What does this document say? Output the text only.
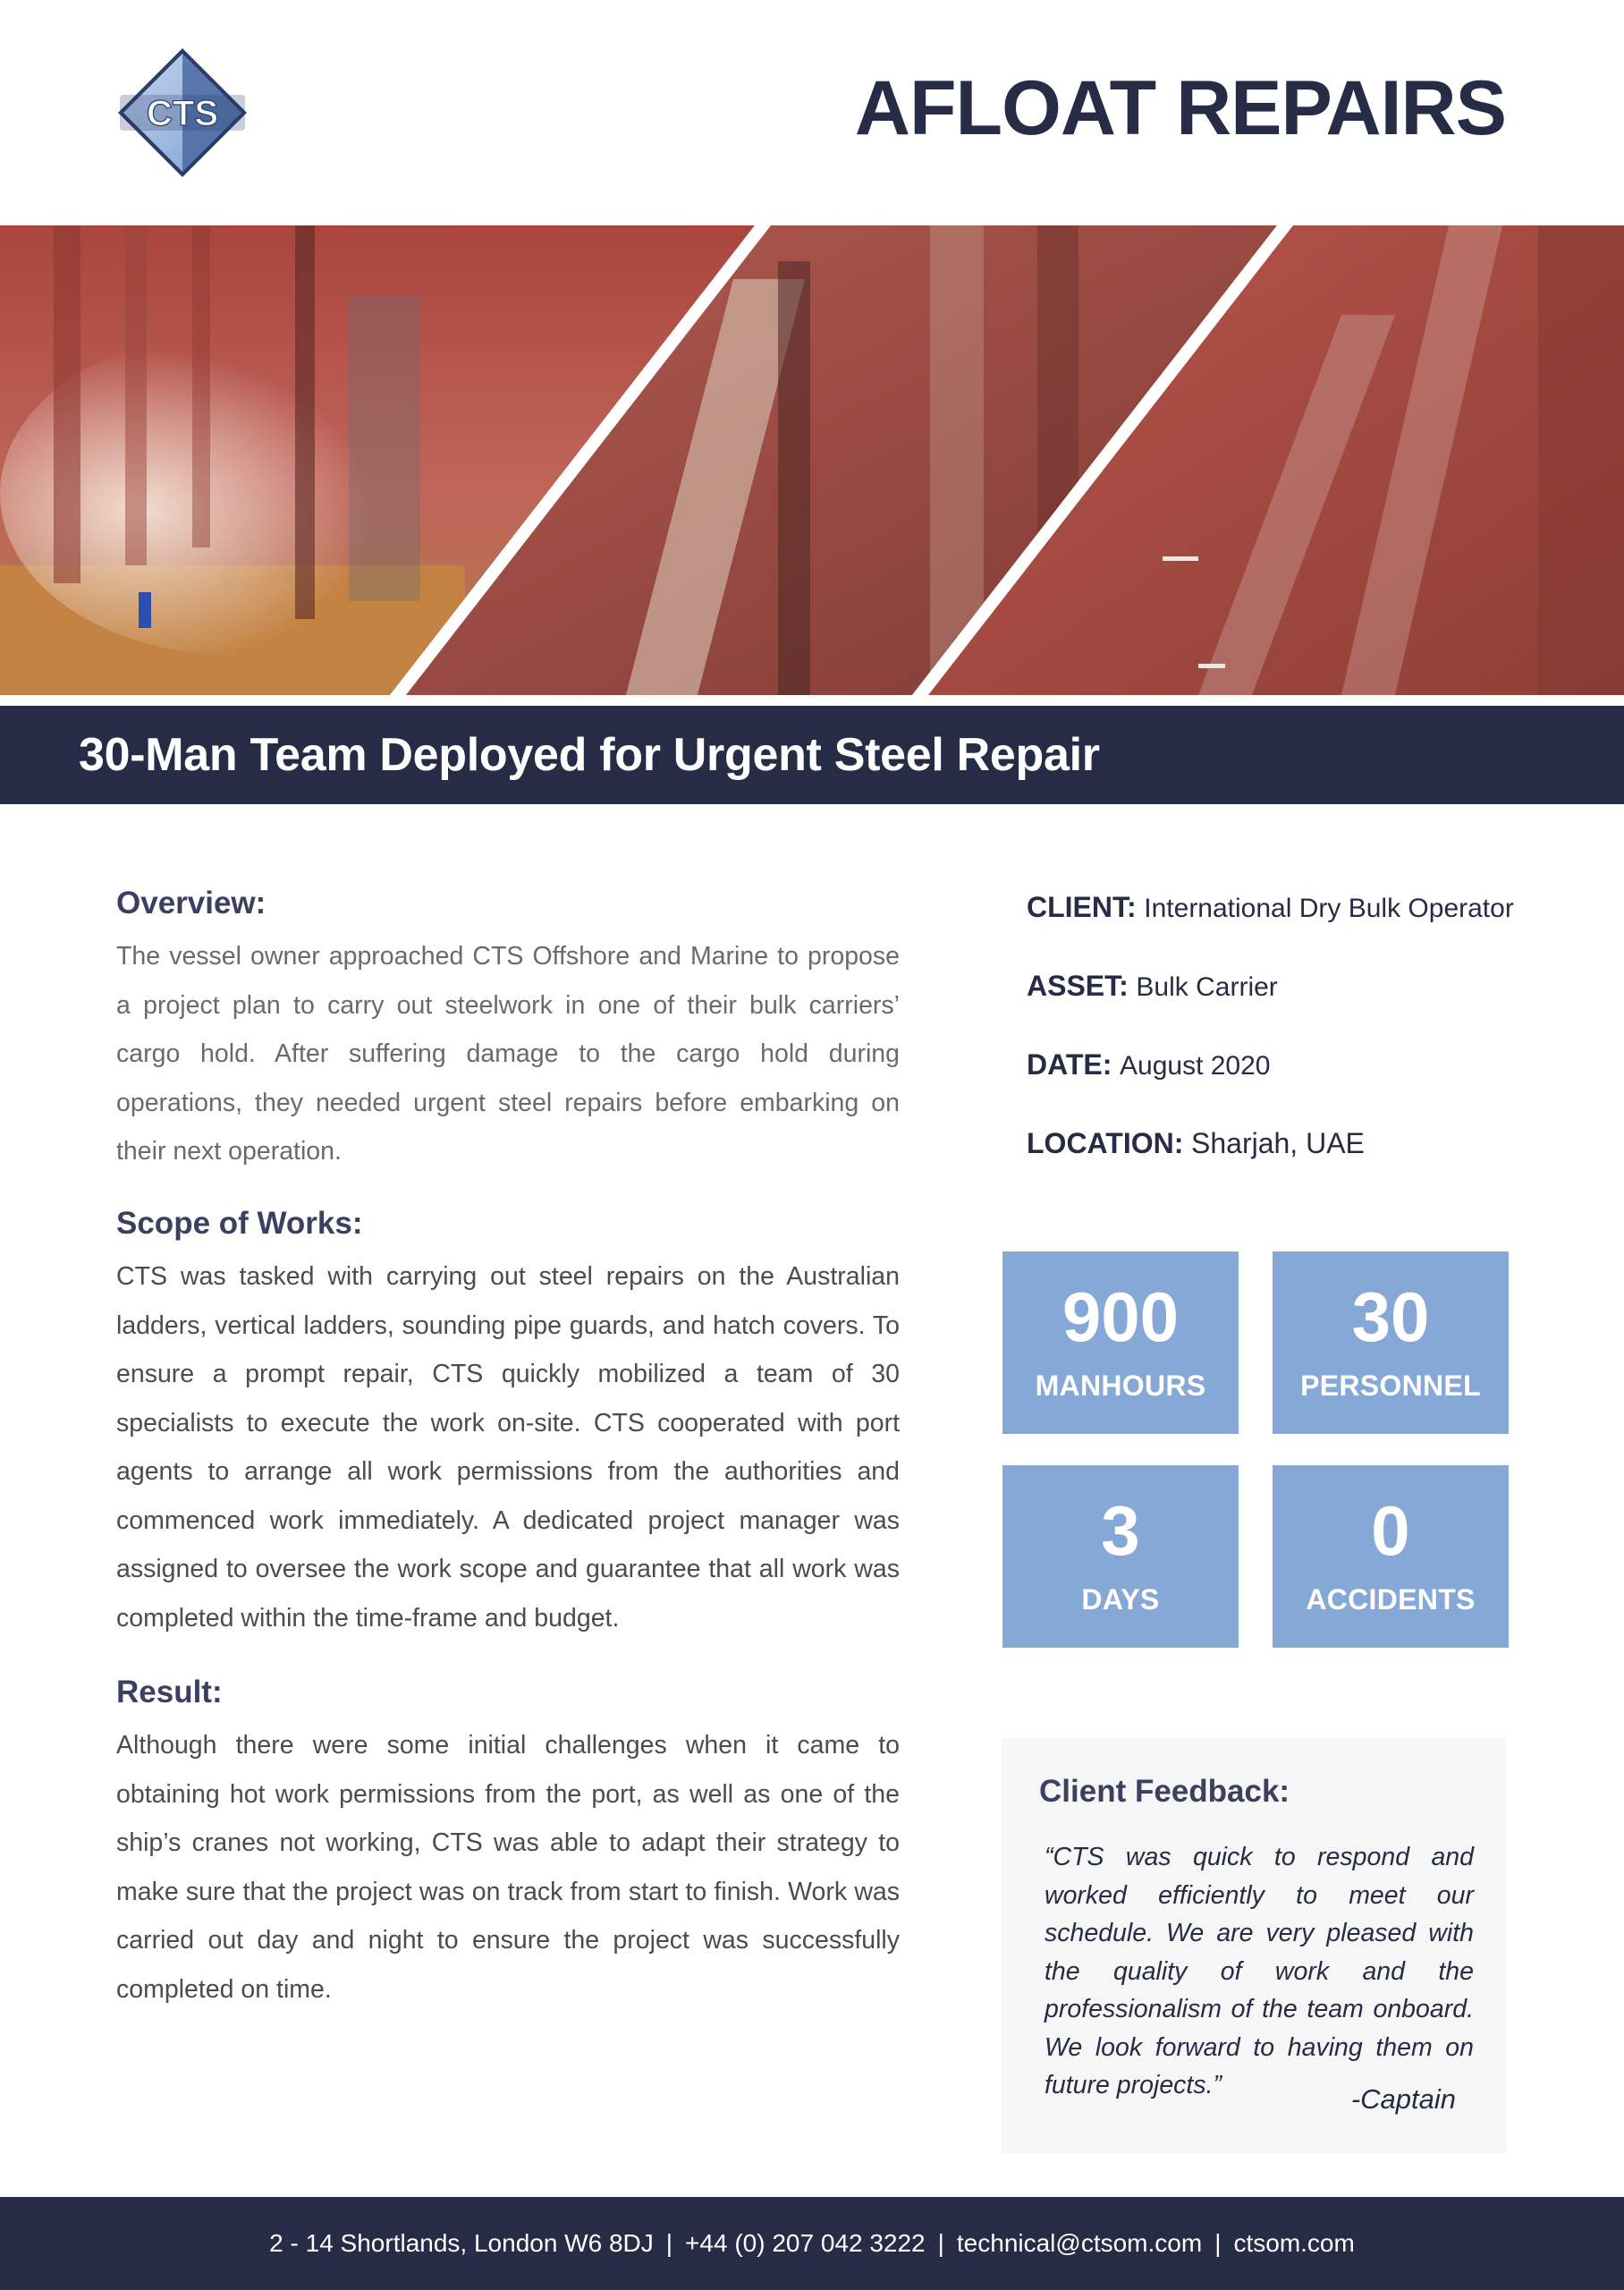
CTS	AFLOAT REPAIRS
30-Man Team Deployed for Urgent Steel Repair
Overview:

The vessel owner approached CTS Offshore and Marine to propose a project plan to carry out steelwork in one of their bulk carriers’ cargo hold. After suffering damage to the cargo hold during operations, they needed urgent steel repairs before embarking on their next operation.

Scope of Works:

CTS was tasked with carrying out steel repairs on the Australian ladders, vertical ladders, sounding pipe guards, and hatch covers. To ensure a prompt repair, CTS quickly mobilized a team of 30 specialists to execute the work on-site. CTS cooperated with port agents to arrange all work permissions from the authorities and commenced work immediately. A dedicated project manager was assigned to oversee the work scope and guarantee that all work was completed within the time-frame and budget.

Result:

Although there were some initial challenges when it came to obtaining hot work permissions from the port, as well as one of the ship’s cranes not working, CTS was able to adapt their strategy to make sure that the project was on track from start to finish. Work was carried out day and night to ensure the project was successfully completed on time.

CLIENT: International Dry Bulk Operator
ASSET: Bulk Carrier
DATE: August 2020
LOCATION: Sharjah, UAE
900
MANHOURS
30
PERSONNEL
3
DAYS
0
ACCIDENTS
Client Feedback:

“CTS was quick to respond and worked efficiently to meet our schedule. We are very pleased with the quality of work and the professionalism of the team onboard. We look forward to having them on future projects.”	-Captain

2 - 14 Shortlands, London W6 8DJ | +44 (0) 207 042 3222 | technical@ctsom.com | ctsom.com
